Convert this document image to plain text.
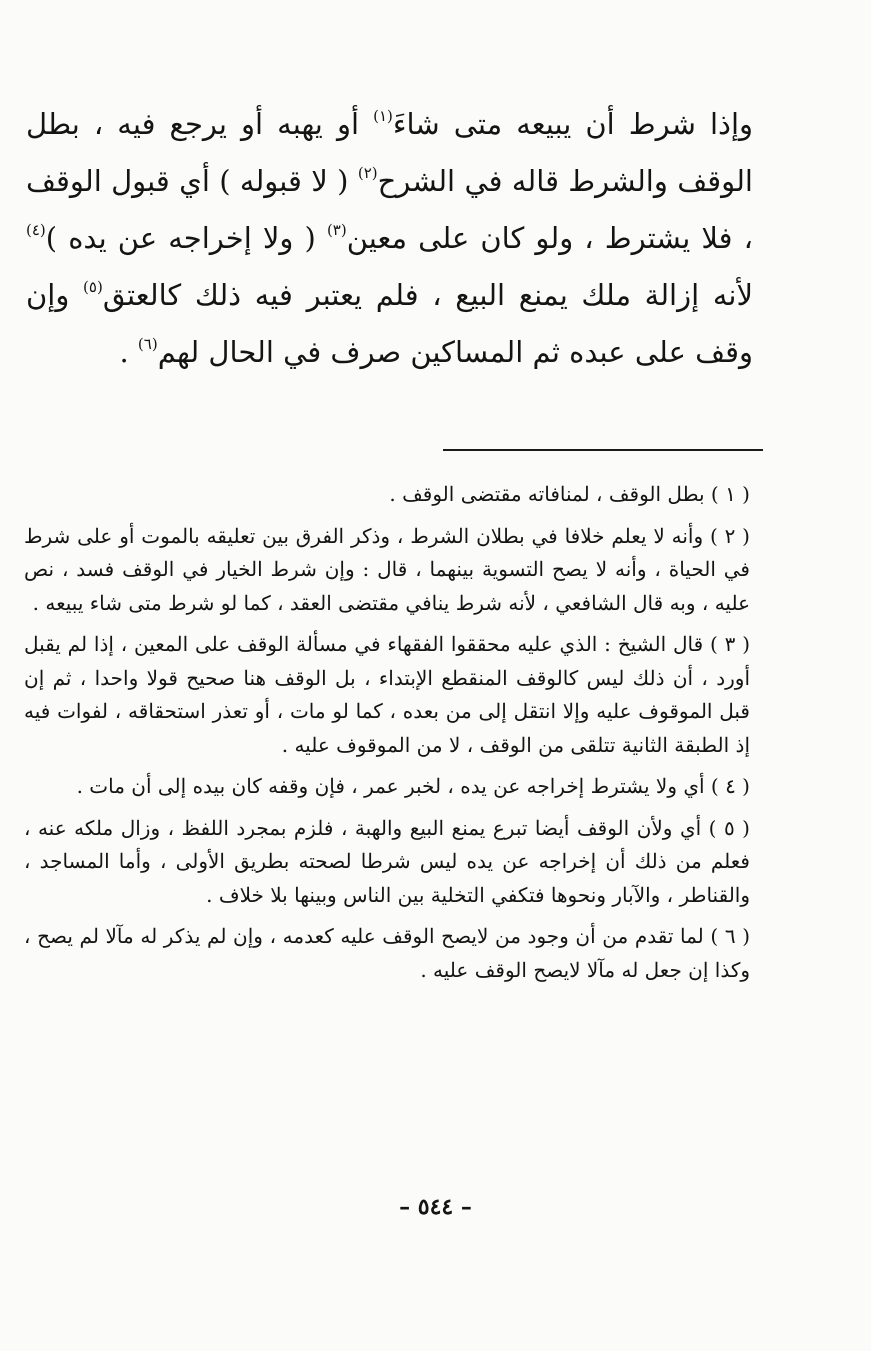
وإذا شرط أن يبيعه متى شاءَ$^{(١)}$ أو يهبه أو يرجع فيه ، بطل الوقف والشرط قاله في الشرح$^{(٢)}$ ( لا قبوله ) أي قبول الوقف ، فلا يشترط ، ولو كان على معين$^{(٣)}$ ( ولا إخراجه عن يده )$^{(٤)}$ لأنه إزالة ملك يمنع البيع ، فلم يعتبر فيه ذلك كالعتق$^{(٥)}$ وإن وقف على عبده ثم المساكين صرف في الحال لهم$^{(٦)}$ .

( ١ ) بطل الوقف ، لمنافاته مقتضى الوقف .

( ٢ ) وأنه لا يعلم خلافا في بطلان الشرط ، وذكر الفرق بين تعليقه بالموت أو على شرط في الحياة ، وأنه لا يصح التسوية بينهما ، قال : وإن شرط الخيار في الوقف فسد ، نص عليه ، وبه قال الشافعي ، لأنه شرط ينافي مقتضى العقد ، كما لو شرط متى شاء يبيعه .

( ٣ ) قال الشيخ : الذي عليه محققوا الفقهاء في مسألة الوقف على المعين ، إذا لم يقبل أورد ، أن ذلك ليس كالوقف المنقطع الإبتداء ، بل الوقف هنا صحيح قولا واحدا ، ثم إن قبل الموقوف عليه وإلا انتقل إلى من بعده ، كما لو مات ، أو تعذر استحقاقه ، لفوات فيه إذ الطبقة الثانية تتلقى من الوقف ، لا من الموقوف عليه .

( ٤ ) أي ولا يشترط إخراجه عن يده ، لخبر عمر ، فإن وقفه كان بيده إلى أن مات .

( ٥ ) أي ولأن الوقف أيضا تبرع يمنع البيع والهبة ، فلزم بمجرد اللفظ ، وزال ملكه عنه ، فعلم من ذلك أن إخراجه عن يده ليس شرطا لصحته بطريق الأولى ، وأما المساجد ، والقناطر ، والآبار ونحوها فتكفي التخلية بين الناس وبينها بلا خلاف .

( ٦ ) لما تقدم من أن وجود من لايصح الوقف عليه كعدمه ، وإن لم يذكر له مآلا لم يصح ، وكذا إن جعل له مآلا لايصح الوقف عليه .

– ٥٤٤ –
